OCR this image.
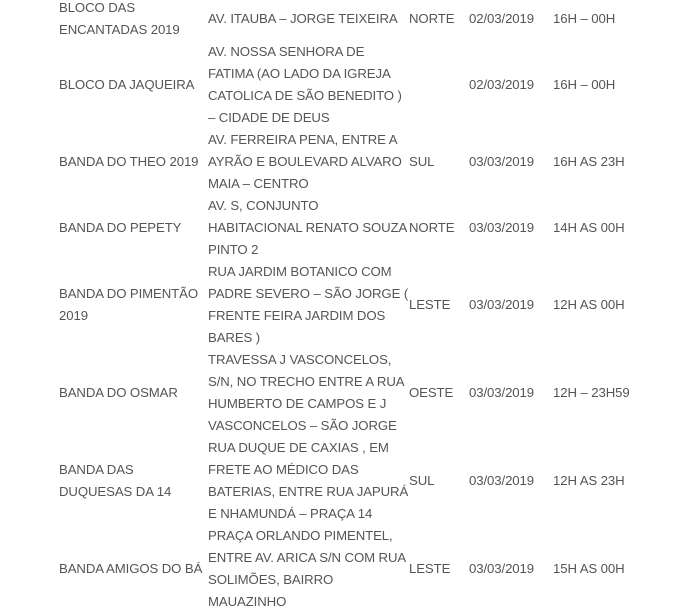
BLOCO DAS ENCANTADAS 2019	AV. ITAUBA – JORGE TEIXEIRA	NORTE	02/03/2019	16H – 00H
BLOCO DA JAQUEIRA	AV. NOSSA SENHORA DE FATIMA (AO LADO DA IGREJA CATOLICA DE SÃO BENEDITO ) – CIDADE DE DEUS		02/03/2019	16H – 00H
BANDA DO THEO 2019	AV. FERREIRA PENA, ENTRE A AYRÃO E BOULEVARD ALVARO MAIA – CENTRO	SUL	03/03/2019	16H AS 23H
BANDA DO PEPETY	AV. S, CONJUNTO HABITACIONAL RENATO SOUZA PINTO 2	NORTE	03/03/2019	14H AS 00H
BANDA DO PIMENTÃO 2019	RUA JARDIM BOTANICO COM PADRE SEVERO – SÃO JORGE ( FRENTE FEIRA JARDIM DOS BARES )	LESTE	03/03/2019	12H AS 00H
BANDA DO OSMAR	TRAVESSA J VASCONCELOS, S/N, NO TRECHO ENTRE A RUA HUMBERTO DE CAMPOS E J VASCONCELOS – SÃO JORGE	OESTE	03/03/2019	12H – 23H59
BANDA DAS DUQUESAS DA 14	RUA DUQUE DE CAXIAS , EM FRETE AO MÉDICO DAS BATERIAS, ENTRE RUA JAPURÁ E NHAMUNDÁ – PRAÇA 14	SUL	03/03/2019	12H AS 23H
BANDA AMIGOS DO BÁ	PRAÇA ORLANDO PIMENTEL, ENTRE AV. ARICA S/N COM RUA SOLIMÕES, BAIRRO MAUAZINHO	LESTE	03/03/2019	15H AS 00H
